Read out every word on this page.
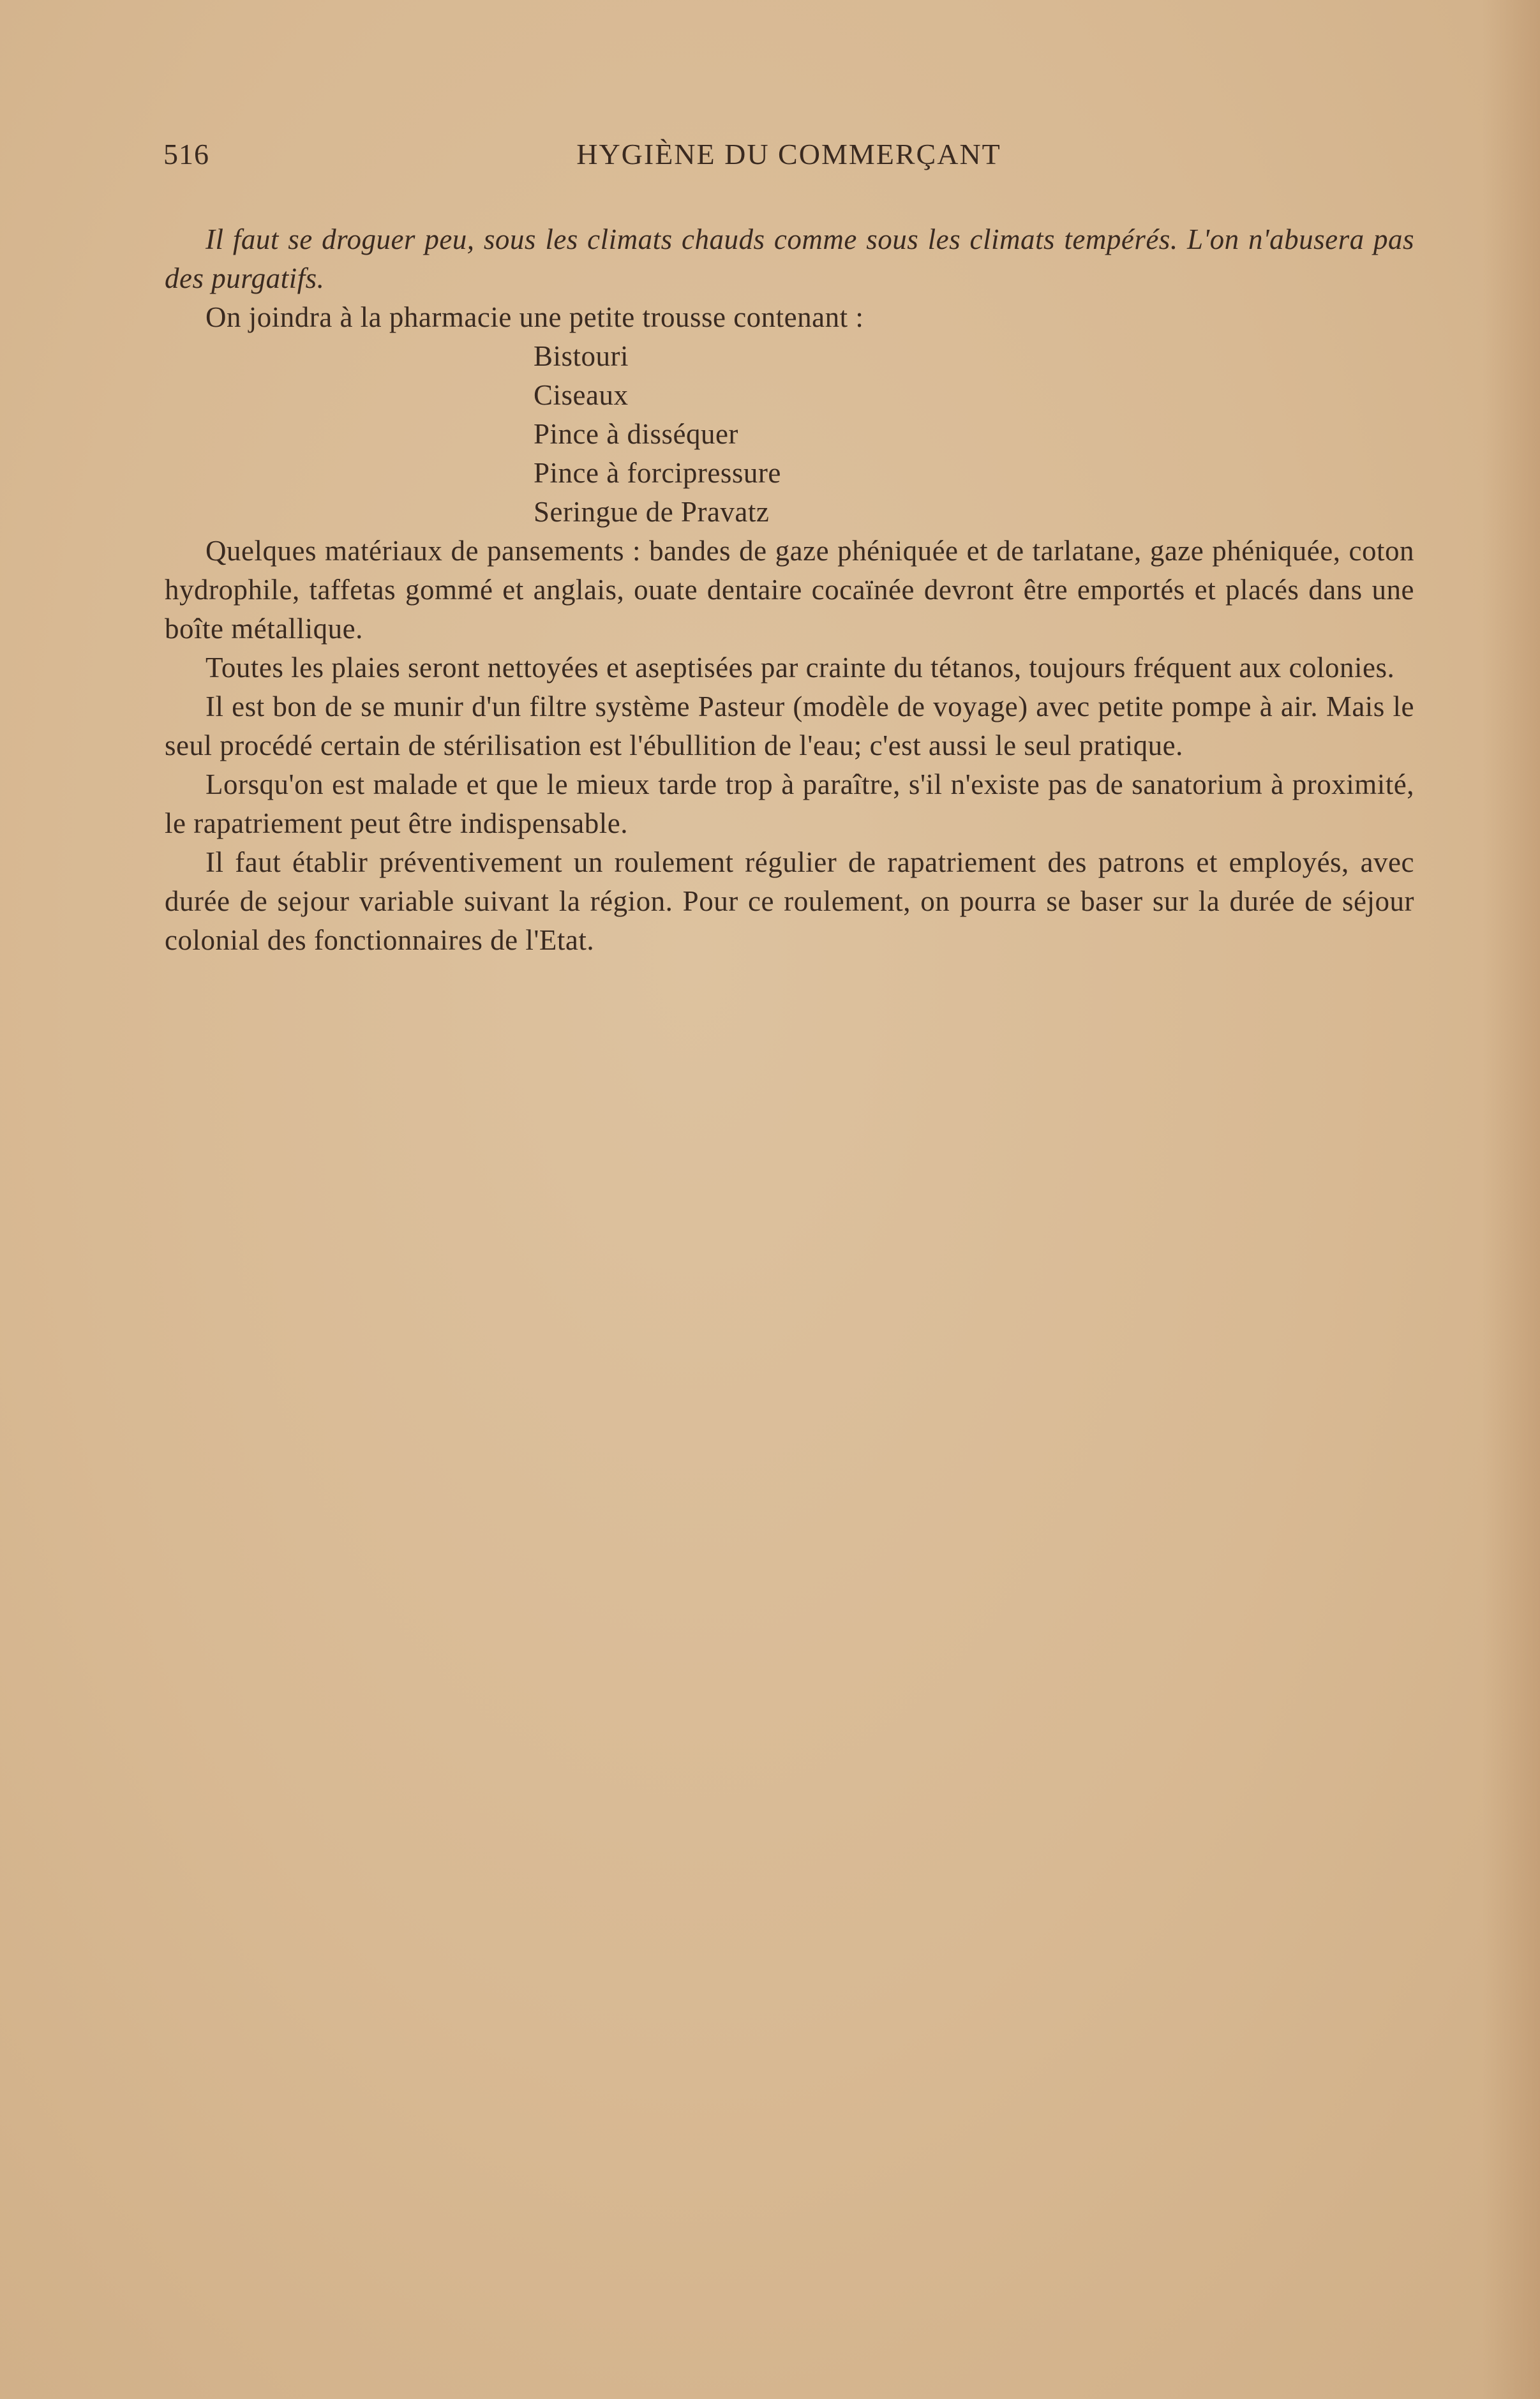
HYGIÈNE DU COMMERÇANT
516

Il faut se droguer peu, sous les climats chauds comme sous les climats tempérés. L'on n'abusera pas des purgatifs.

On joindra à la pharmacie une petite trousse contenant :

Bistouri
Ciseaux
Pince à disséquer
Pince à forcipressure
Seringue de Pravatz

Quelques matériaux de pansements : bandes de gaze phéniquée et de tarlatane, gaze phéniquée, coton hydrophile, taffetas gommé et anglais, ouate dentaire cocaïnée devront être emportés et placés dans une boîte métallique.

Toutes les plaies seront nettoyées et aseptisées par crainte du tétanos, toujours fréquent aux colonies.

Il est bon de se munir d'un filtre système Pasteur (modèle de voyage) avec petite pompe à air. Mais le seul procédé certain de stérilisation est l'ébullition de l'eau; c'est aussi le seul pratique.

Lorsqu'on est malade et que le mieux tarde trop à paraître, s'il n'existe pas de sanatorium à proximité, le rapatriement peut être indispensable.

Il faut établir préventivement un roulement régulier de rapatriement des patrons et employés, avec durée de sejour variable suivant la région. Pour ce roulement, on pourra se baser sur la durée de séjour colonial des fonctionnaires de l'Etat.
